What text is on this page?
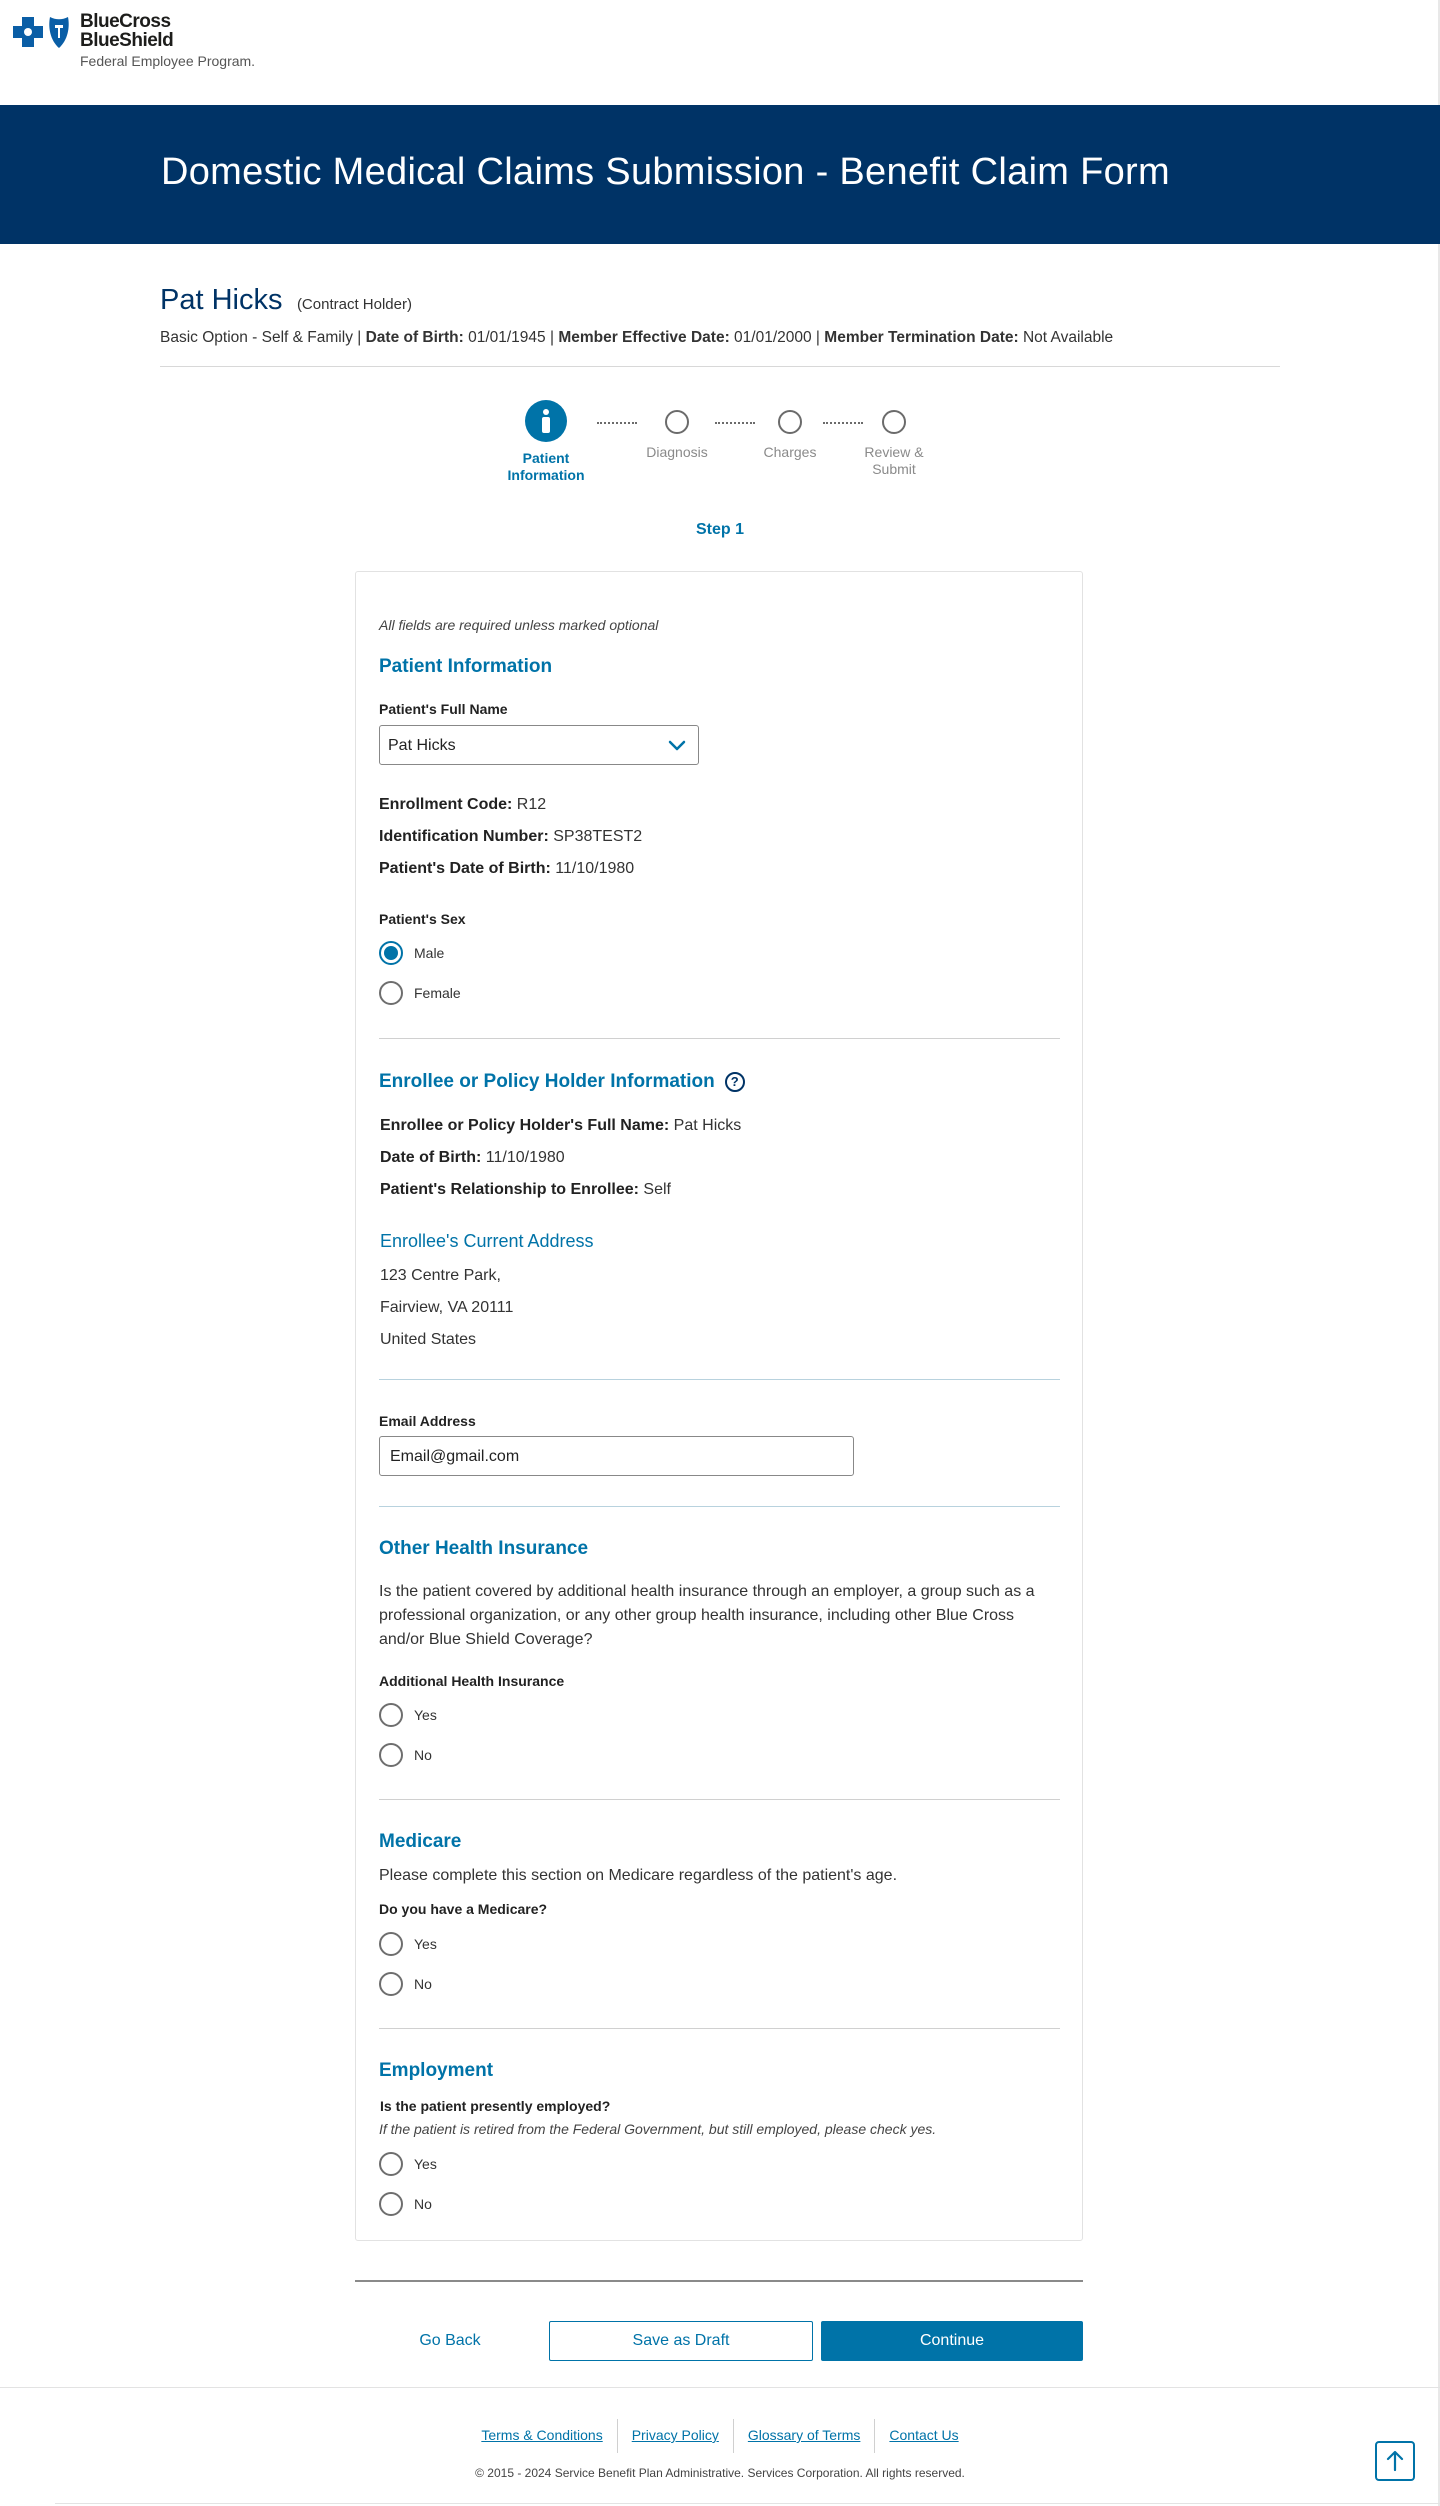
BlueCross
BlueShield
Federal Employee Program.
Domestic Medical Claims Submission - Benefit Claim Form
Pat Hicks (Contract Holder)
Basic Option - Self & Family | Date of Birth: 01/01/1945 | Member Effective Date: 01/01/2000 | Member Termination Date: Not Available
Patient Information
Diagnosis	Charges	Review & Submit
Step 1
All fields are required unless marked optional
Patient Information
Patient's Full Name
Pat Hicks
Enrollment Code: R12
Identification Number: SP38TEST2
Patient's Date of Birth: 11/10/1980
Patient's Sex
Male
Female
Enrollee or Policy Holder Information ?
Enrollee or Policy Holder's Full Name: Pat Hicks
Date of Birth: 11/10/1980
Patient's Relationship to Enrollee: Self
Enrollee's Current Address
123 Centre Park,
Fairview, VA 20111
United States
Email Address
Email@gmail.com
Other Health Insurance
Is the patient covered by additional health insurance through an employer, a group such as a professional organization, or any other group health insurance, including other Blue Cross and/or Blue Shield Coverage?
Additional Health Insurance
Yes
No
Medicare
Please complete this section on Medicare regardless of the patient's age.
Do you have a Medicare?
Yes
No
Employment
Is the patient presently employed?
If the patient is retired from the Federal Government, but still employed, please check yes.
Yes
No
Go Back	Save as Draft	Continue
Terms & Conditions Privacy Policy Glossary of Terms Contact Us
© 2015 - 2024 Service Benefit Plan Administrative. Services Corporation. All rights reserved.
